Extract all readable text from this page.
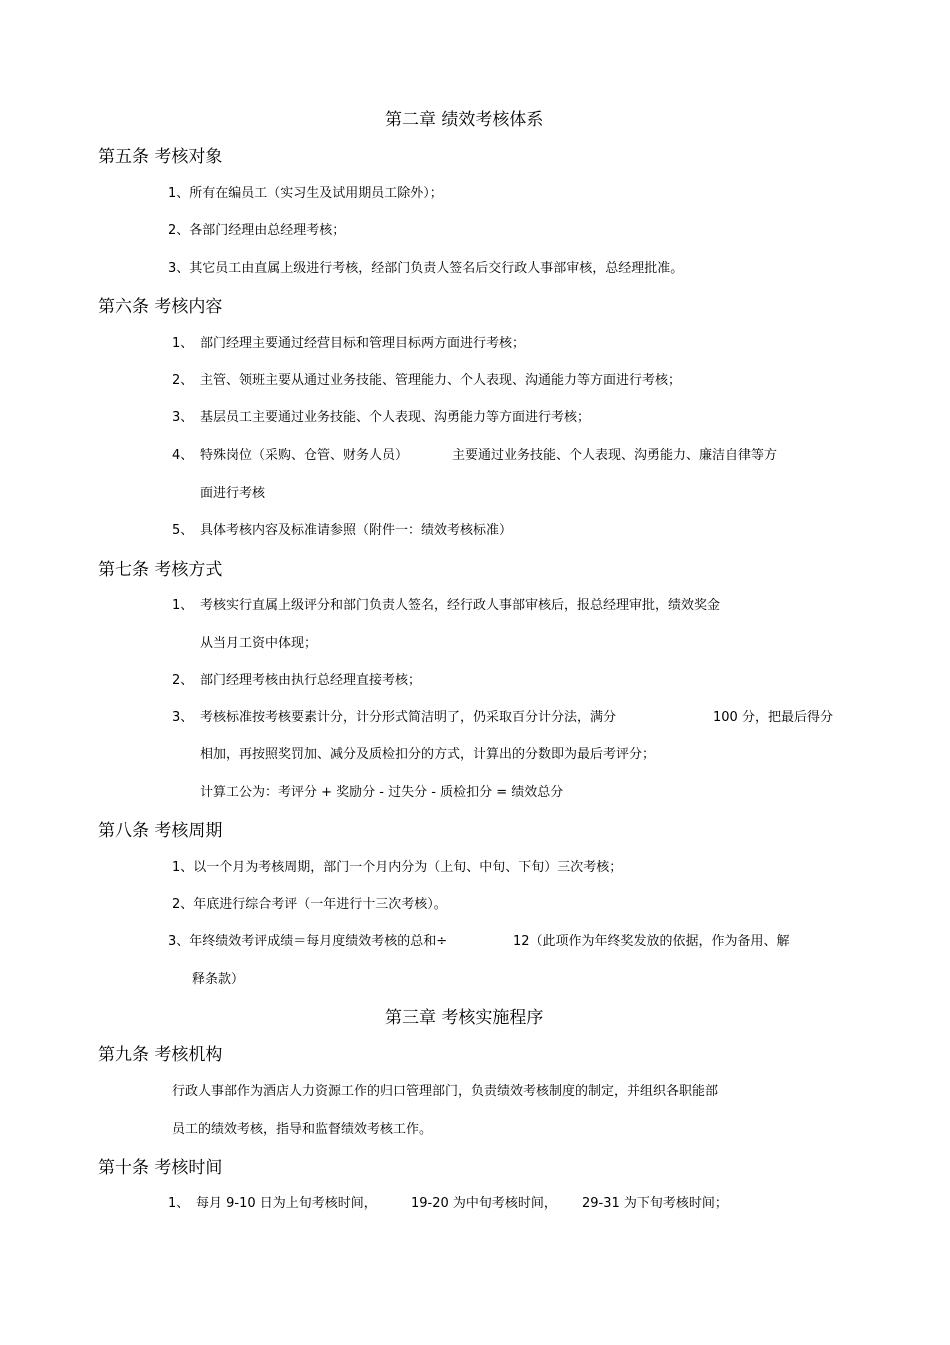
第二章 绩效考核体系
第五条 考核对象
1、所有在编员工（实习生及试用期员工除外）；
2、各部门经理由总经理考核；
3、其它员工由直属上级进行考核，经部门负责人签名后交行政人事部审核，总经理批准。
第六条 考核内容
1、 部门经理主要通过经营目标和管理目标两方面进行考核；
2、 主管、领班主要从通过业务技能、管理能力、个人表现、沟通能力等方面进行考核；
3、 基层员工主要通过业务技能、个人表现、沟勇能力等方面进行考核；
4、 特殊岗位（采购、仓管、财务人员）	主要通过业务技能、个人表现、沟勇能力、廉洁自律等方
面进行考核
5、 具体考核内容及标准请参照（附件一：绩效考核标准）
第七条 考核方式
1、 考核实行直属上级评分和部门负责人签名，经行政人事部审核后，报总经理审批，绩效奖金
从当月工资中体现；
2、 部门经理考核由执行总经理直接考核；
3、 考核标准按考核要素计分，计分形式简洁明了，仍采取百分计分法，满分	100 分，把最后得分
相加，再按照奖罚加、减分及质检扣分的方式，计算出的分数即为最后考评分；
计算工公为：考评分 + 奖励分 - 过失分 - 质检扣分 = 绩效总分
第八条 考核周期
1、以一个月为考核周期，部门一个月内分为（上旬、中旬、下旬）三次考核；
2、年底进行综合考评（一年进行十三次考核）。
3、年终绩效考评成绩＝每月度绩效考核的总和÷	12（此项作为年终奖发放的依据，作为备用、解
释条款）
第三章 考核实施程序
第九条 考核机构
行政人事部作为酒店人力资源工作的归口管理部门，负责绩效考核制度的制定，并组织各职能部
员工的绩效考核，指导和监督绩效考核工作。
第十条 考核时间
1、 每月 9-10 日为上旬考核时间，	19-20 为中旬考核时间， 29-31 为下旬考核时间；
